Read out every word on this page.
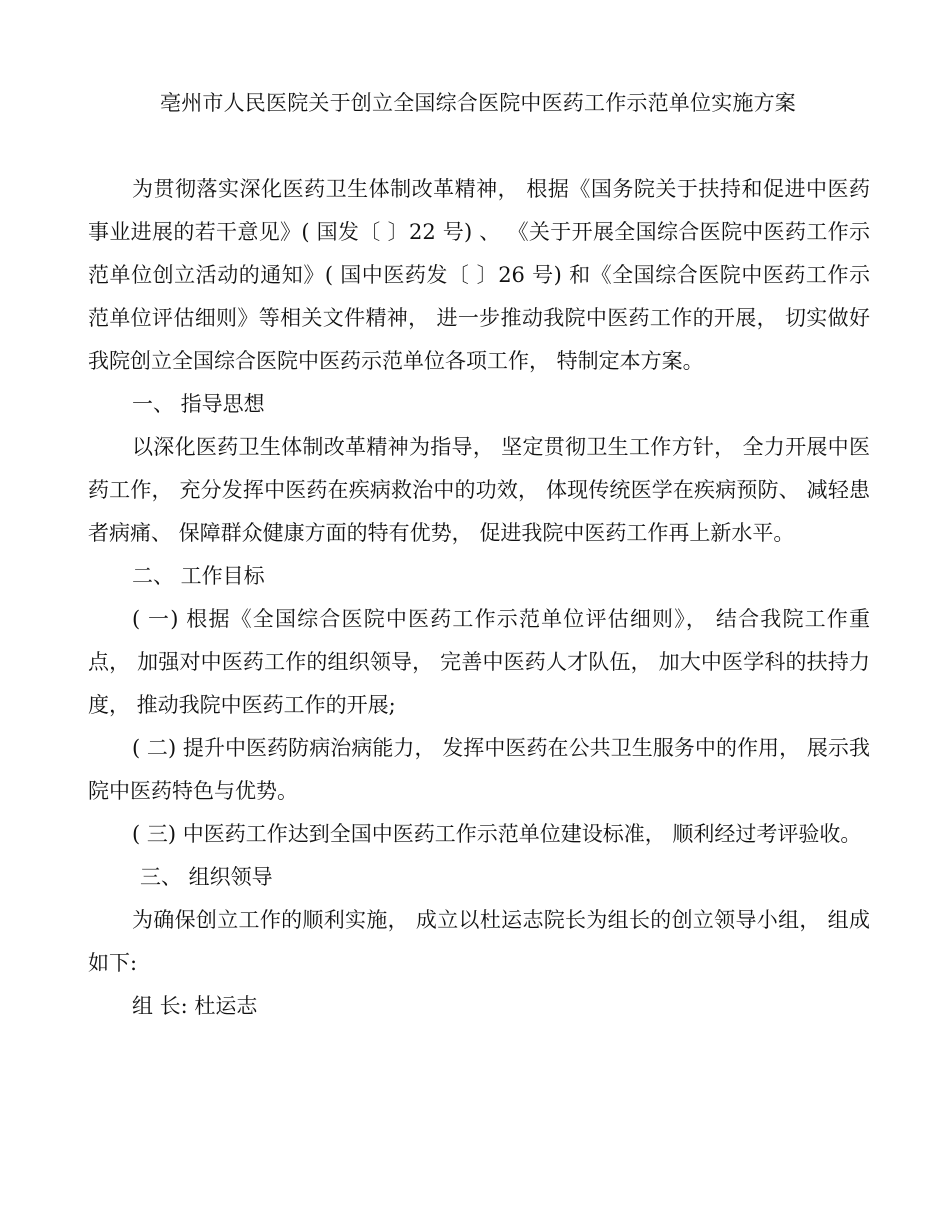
亳州市人民医院关于创立全国综合医院中医药工作示范单位实施方案

为贯彻落实深化医药卫生体制改革精神， 根据《国务院关于扶持和促进中医药事业进展的若干意见》( 国发〔 〕22 号) 、 《关于开展全国综合医院中医药工作示范单位创立活动的通知》( 国中医药发〔 〕26 号) 和《全国综合医院中医药工作示范单位评估细则》等相关文件精神， 进一步推动我院中医药工作的开展， 切实做好我院创立全国综合医院中医药示范单位各项工作， 特制定本方案。

一、 指导思想

以深化医药卫生体制改革精神为指导， 坚定贯彻卫生工作方针， 全力开展中医药工作， 充分发挥中医药在疾病救治中的功效， 体现传统医学在疾病预防、 减轻患者病痛、 保障群众健康方面的特有优势， 促进我院中医药工作再上新水平。

二、 工作目标

( 一) 根据《全国综合医院中医药工作示范单位评估细则》， 结合我院工作重点， 加强对中医药工作的组织领导， 完善中医药人才队伍， 加大中医学科的扶持力度， 推动我院中医药工作的开展;

( 二) 提升中医药防病治病能力， 发挥中医药在公共卫生服务中的作用， 展示我院中医药特色与优势。

( 三) 中医药工作达到全国中医药工作示范单位建设标准， 顺利经过考评验收。

三、 组织领导

为确保创立工作的顺利实施， 成立以杜运志院长为组长的创立领导小组， 组成如下:

组 长: 杜运志
